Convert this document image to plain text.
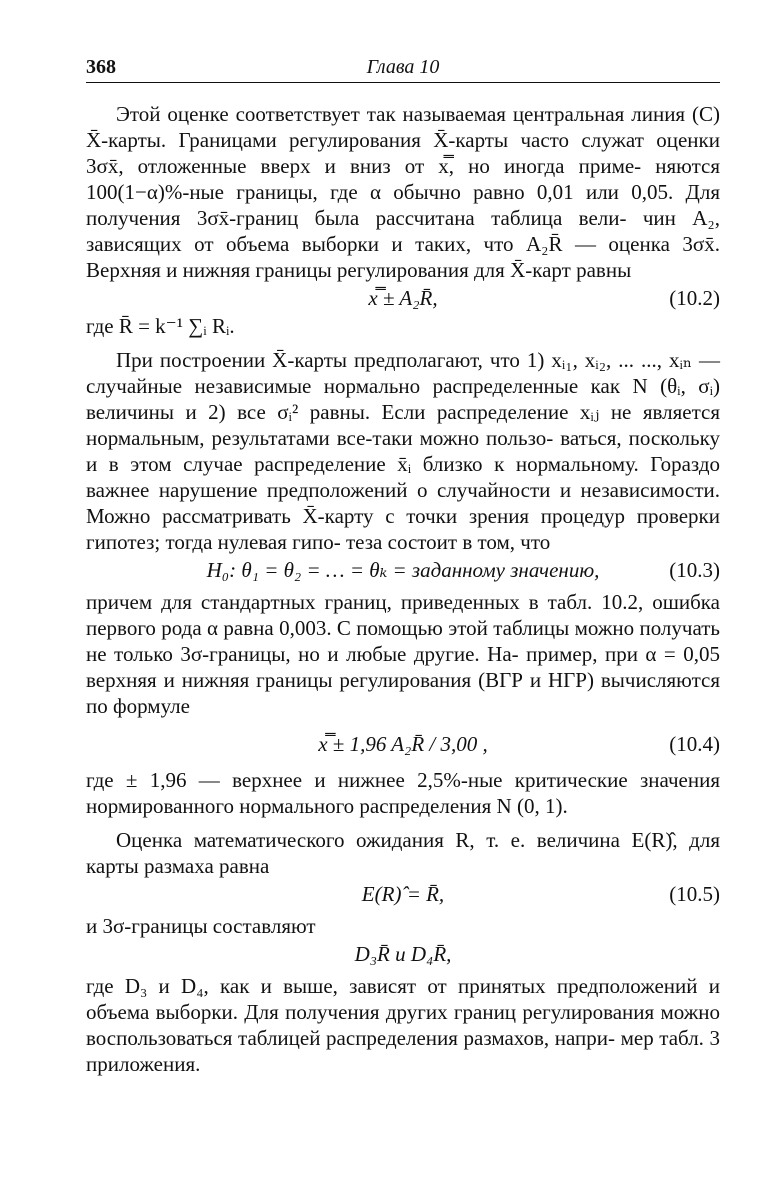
368	Глава 10

Этой оценке соответствует так называемая центральная линия (C) X̄-карты. Границами регулирования X̄-карты часто служат оценки 3σx̄, отложенные вверх и вниз от x̿, но иногда приме- няются 100(1−α)%-ные границы, где α обычно равно 0,01 или 0,05. Для получения 3σx̄-границ была рассчитана таблица вели- чин A₂, зависящих от объема выборки и таких, что A₂R̄ — оценка 3σx̄. Верхняя и нижняя границы регулирования для X̄-карт равны

x̿ ± A₂R̄,	(10.2)

где R̄ = k⁻¹ ∑ᵢ Rᵢ.

При построении X̄-карты предполагают, что 1) xᵢ₁, xᵢ₂, ... ..., xᵢₙ — случайные независимые нормально распределенные как N (θᵢ, σᵢ) величины и 2) все σᵢ² равны. Если распределение xᵢⱼ не является нормальным, результатами все-таки можно пользо- ваться, поскольку и в этом случае распределение x̄ᵢ близко к нормальному. Гораздо важнее нарушение предположений о случайности и независимости. Можно рассматривать X̄-карту с точки зрения процедур проверки гипотез; тогда нулевая гипо- теза состоит в том, что

H₀: θ₁ = θ₂ = … = θₖ = заданному значению,	(10.3)

причем для стандартных границ, приведенных в табл. 10.2, ошибка первого рода α равна 0,003. С помощью этой таблицы можно получать не только 3σ-границы, но и любые другие. На- пример, при α = 0,05 верхняя и нижняя границы регулирования (ВГР и НГР) вычисляются по формуле

x̿ ± 1,96 A₂R̄ / 3,00 ,	(10.4)

где ± 1,96 — верхнее и нижнее 2,5%-ные критические значения нормированного нормального распределения N (0, 1).

Оценка математического ожидания R, т. е. величина E(R)̂, для карты размаха равна

E(R)̂ = R̄,	(10.5)

и 3σ-границы составляют

D₃R̄ и D₄R̄,

где D₃ и D₄, как и выше, зависят от принятых предположений и объема выборки. Для получения других границ регулирования можно воспользоваться таблицей распределения размахов, напри- мер табл. 3 приложения.
